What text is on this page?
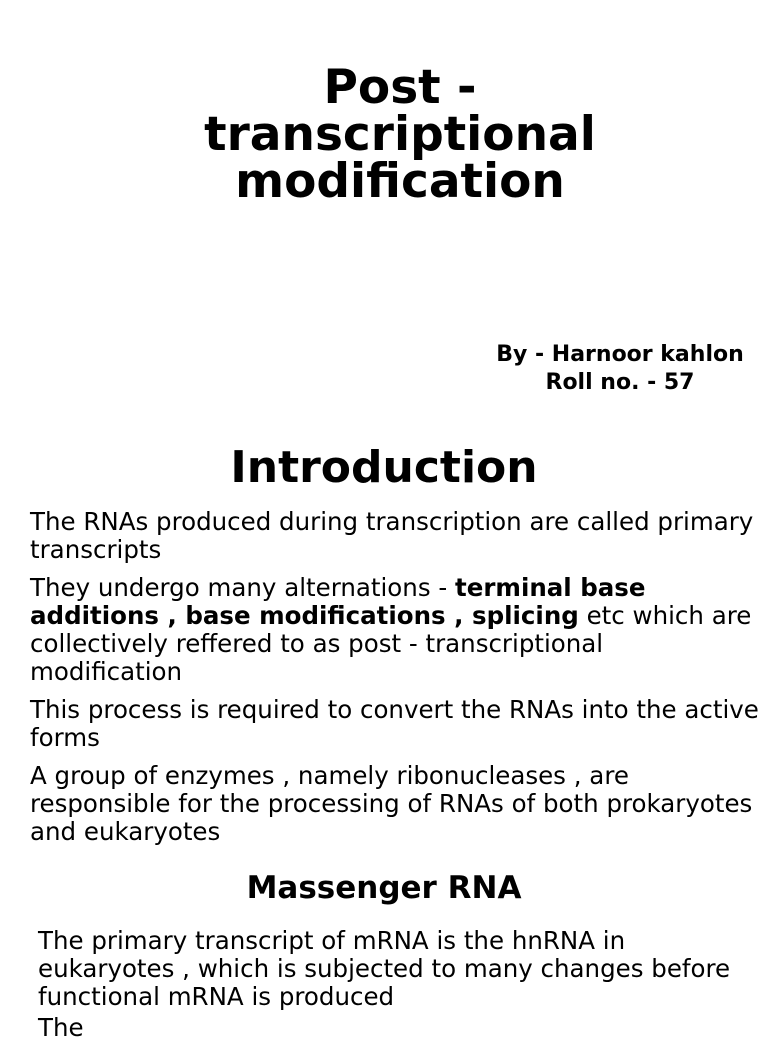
Post -
transcriptional
modification
By - Harnoor kahlon
Roll no. - 57
Introduction

The RNAs produced during transcription are called primary transcripts

They undergo many alternations - terminal base additions , base modifications , splicing etc which are collectively reffered to as post - transcriptional modification

This process is required to convert the RNAs into the active forms

A group of enzymes , namely ribonucleases , are responsible for the processing of RNAs of both prokaryotes and eukaryotes

Massenger RNA

The primary transcript of mRNA is the hnRNA in eukaryotes , which is subjected to many changes before functional mRNA is produced

The
